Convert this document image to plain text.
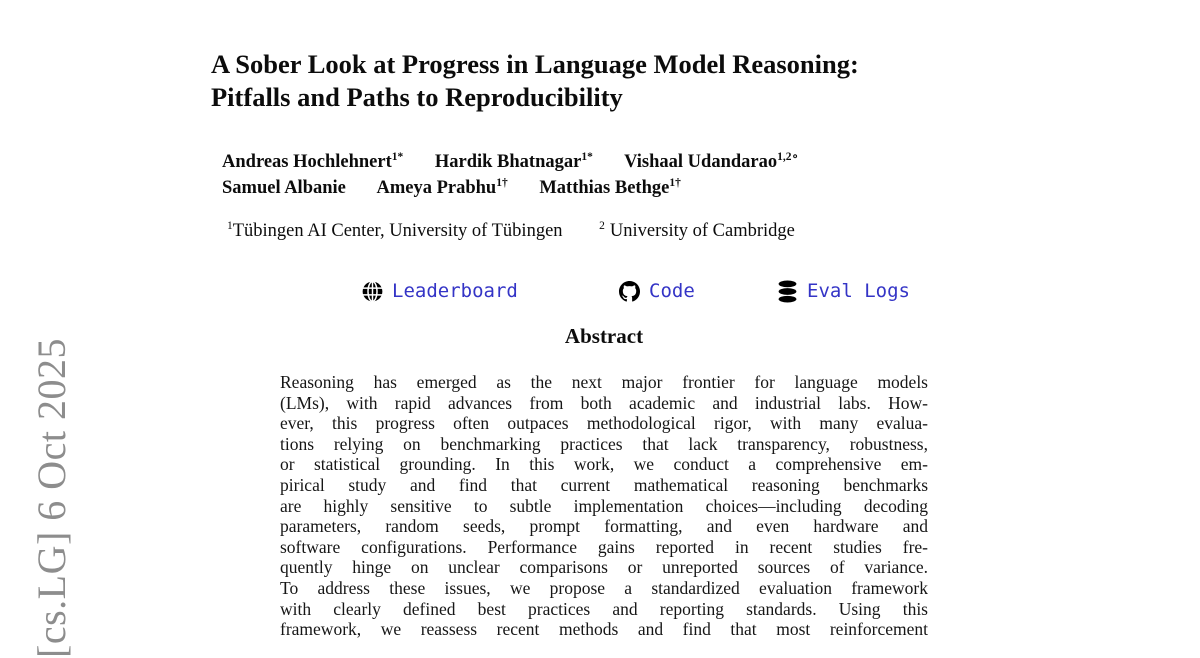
[cs.LG] 6 Oct 2025
A Sober Look at Progress in Language Model Reasoning:
Pitfalls and Paths to Reproducibility
Andreas Hochlehnert$^{1*}$ Hardik Bhatnagar$^{1*}$ Vishaal Udandarao$^{1,2\circ}$
Samuel Albanie Ameya Prabhu$^{1\dagger}$ Matthias Bethge$^{1\dagger}$
$^1$Tübingen AI Center, University of Tübingen	$^2$ University of Cambridge
Leaderboard	Code	Eval Logs
Abstract
Reasoning has emerged as the next major frontier for language models
(LMs), with rapid advances from both academic and industrial labs. How-
ever, this progress often outpaces methodological rigor, with many evalua-
tions relying on benchmarking practices that lack transparency, robustness,
or statistical grounding. In this work, we conduct a comprehensive em-
pirical study and find that current mathematical reasoning benchmarks
are highly sensitive to subtle implementation choices—including decoding
parameters, random seeds, prompt formatting, and even hardware and
software configurations. Performance gains reported in recent studies fre-
quently hinge on unclear comparisons or unreported sources of variance.
To address these issues, we propose a standardized evaluation framework
with clearly defined best practices and reporting standards. Using this
framework, we reassess recent methods and find that most reinforcement
